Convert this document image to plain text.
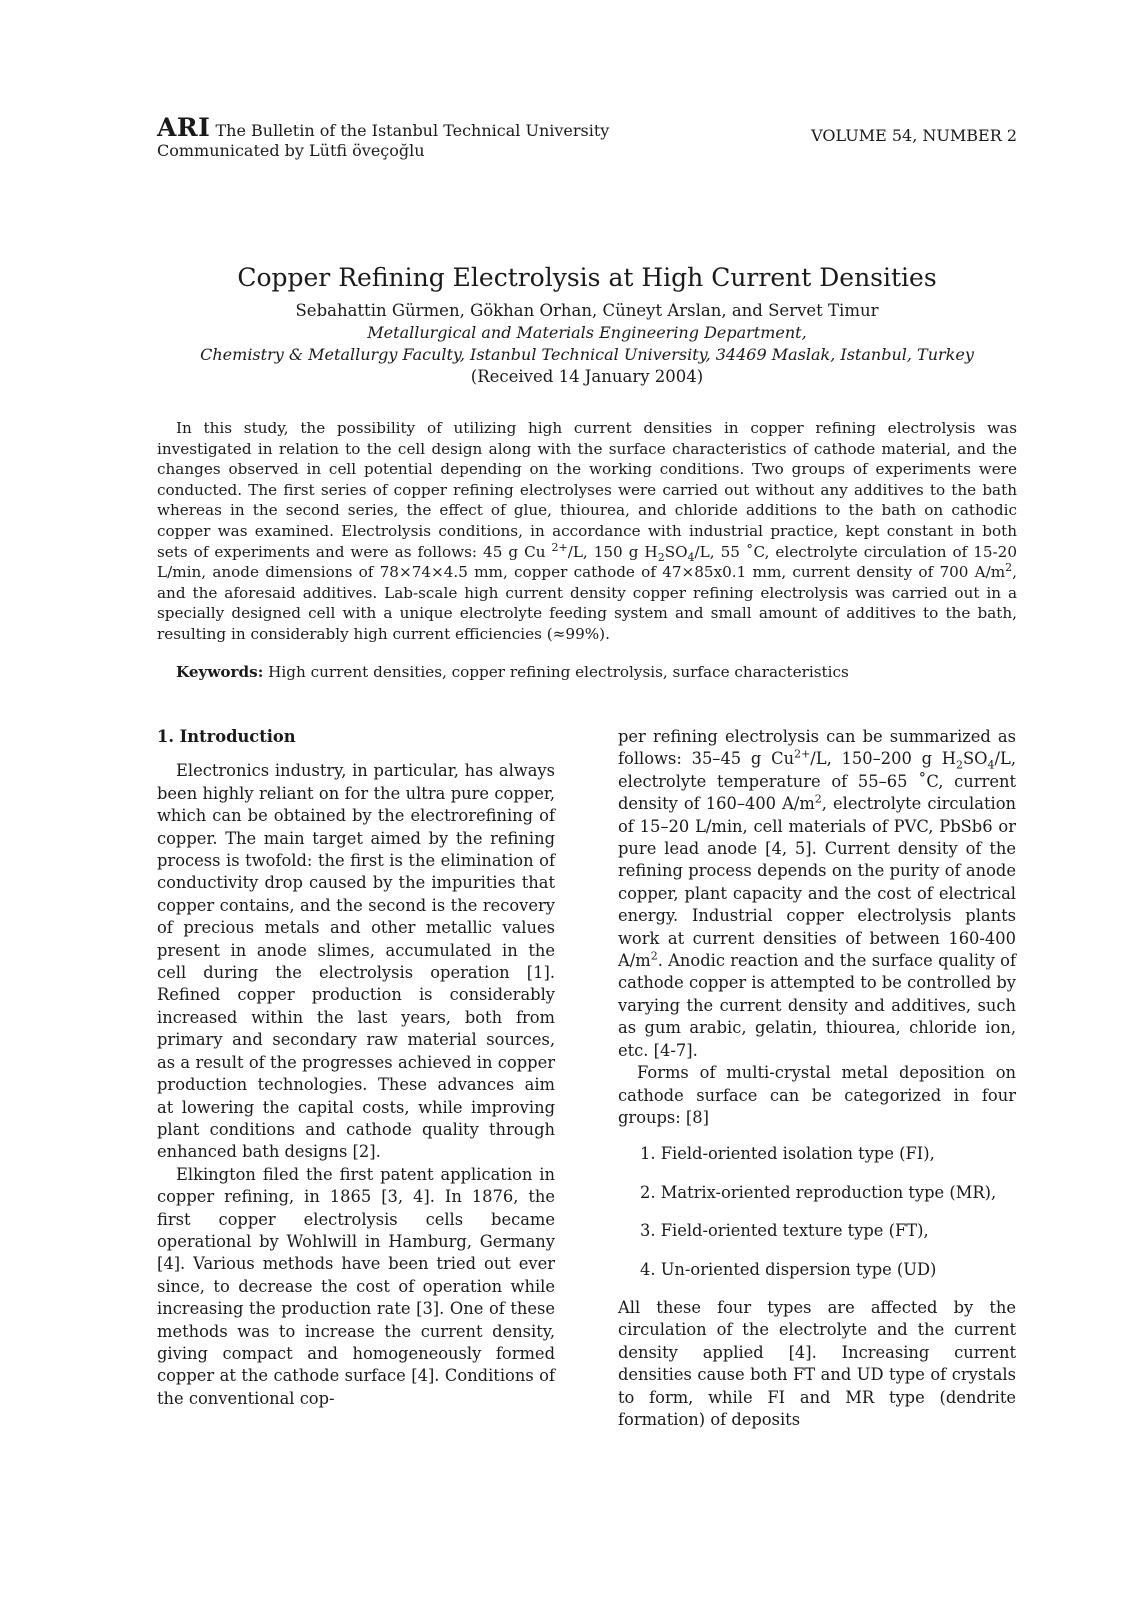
ARI The Bulletin of the Istanbul Technical University
Communicated by Lütfi öveçoğlu
VOLUME 54, NUMBER 2
Copper Refining Electrolysis at High Current Densities
Sebahattin Gürmen, Gökhan Orhan, Cüneyt Arslan, and Servet Timur
Metallurgical and Materials Engineering Department,
Chemistry & Metallurgy Faculty, Istanbul Technical University, 34469 Maslak, Istanbul, Turkey
(Received 14 January 2004)

In this study, the possibility of utilizing high current densities in copper refining electrolysis was investigated in relation to the cell design along with the surface characteristics of cathode material, and the changes observed in cell potential depending on the working conditions. Two groups of experiments were conducted. The first series of copper refining electrolyses were carried out without any additives to the bath whereas in the second series, the effect of glue, thiourea, and chloride additions to the bath on cathodic copper was examined. Electrolysis conditions, in accordance with industrial practice, kept constant in both sets of experiments and were as follows: 45 g Cu $^{2+}$/L, 150 g $H_2SO_4/L$, 55 ˚C, electrolyte circulation of 15-20 L/min, anode dimensions of 78×74×4.5 mm, copper cathode of 47×85x0.1 mm, current density of 700 $A/m^2$, and the aforesaid additives. Lab-scale high current density copper refining electrolysis was carried out in a specially designed cell with a unique electrolyte feeding system and small amount of additives to the bath, resulting in considerably high current efficiencies (≈99%).

Keywords: High current densities, copper refining electrolysis, surface characteristics
1. Introduction

Electronics industry, in particular, has always been highly reliant on for the ultra pure copper, which can be obtained by the electrorefining of copper. The main target aimed by the refining process is twofold: the first is the elimination of conductivity drop caused by the impurities that copper contains, and the second is the recovery of precious metals and other metallic values present in anode slimes, accumulated in the cell during the electrolysis operation [1]. Refined copper production is considerably increased within the last years, both from primary and secondary raw material sources, as a result of the progresses achieved in copper production technologies. These advances aim at lowering the capital costs, while improving plant conditions and cathode quality through enhanced bath designs [2].

Elkington filed the first patent application in copper refining, in 1865 [3, 4]. In 1876, the first copper electrolysis cells became operational by Wohlwill in Hamburg, Germany [4]. Various methods have been tried out ever since, to decrease the cost of operation while increasing the production rate [3]. One of these methods was to increase the current density, giving compact and homogeneously formed copper at the cathode surface [4]. Conditions of the conventional cop-

per refining electrolysis can be summarized as follows: 35–45 g $Cu^{2+}/L$, 150–200 g $H_2SO_4/L$, electrolyte temperature of 55–65 ˚C, current density of 160–400 $A/m^2$, electrolyte circulation of 15–20 L/min, cell materials of PVC, PbSb6 or pure lead anode [4, 5]. Current density of the refining process depends on the purity of anode copper, plant capacity and the cost of electrical energy. Industrial copper electrolysis plants work at current densities of between 160-400 $A/m^2$. Anodic reaction and the surface quality of cathode copper is attempted to be controlled by varying the current density and additives, such as gum arabic, gelatin, thiourea, chloride ion, etc. [4-7].

Forms of multi-crystal metal deposition on cathode surface can be categorized in four groups: [8]

1. Field-oriented isolation type (FI),
2. Matrix-oriented reproduction type (MR),
3. Field-oriented texture type (FT),
4. Un-oriented dispersion type (UD)

All these four types are affected by the circulation of the electrolyte and the current density applied [4]. Increasing current densities cause both FT and UD type of crystals to form, while FI and MR type (dendrite formation) of deposits
